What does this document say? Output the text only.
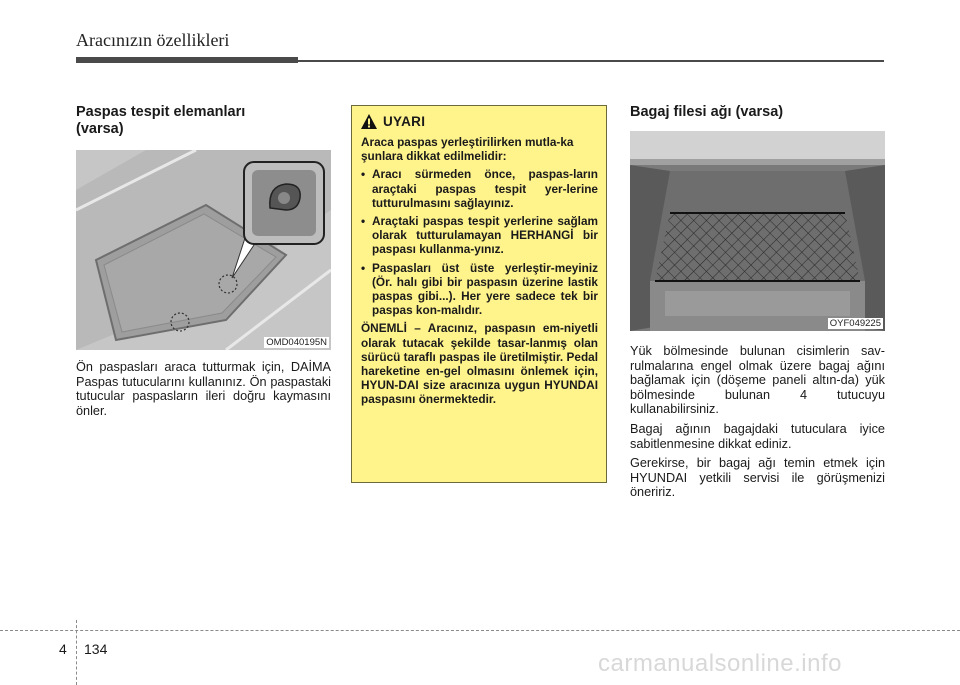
Aracınızın özellikleri
Paspas tespit elemanları
(varsa)
OMD040195N

Ön paspasları araca tutturmak için, DAİMA Paspas tutucularını kullanınız. Ön paspastaki tutucular paspasların ileri doğru kaymasını önler.

UYARI

Araca paspas yerleştirilirken mutla-ka şunlara dikkat edilmelidir:

• Aracı sürmeden önce, paspas-ların araçtaki paspas tespit yer-lerine tutturulmasını sağlayınız.
• Araçtaki paspas tespit yerlerine sağlam olarak tutturulamayan HERHANGİ bir paspası kullanma-yınız.
• Paspasları üst üste yerleştir-meyiniz (Ör. halı gibi bir paspasın üzerine lastik paspas gibi...). Her yere sadece tek bir paspas kon-malıdır.

ÖNEMLİ – Aracınız, paspasın em-niyetli olarak tutacak şekilde tasar-lanmış olan sürücü taraflı paspas ile üretilmiştir. Pedal hareketine en-gel olmasını önlemek için, HYUN-DAI size aracınıza uygun HYUNDAI paspasını önermektedir.

Bagaj filesi ağı (varsa)
OYF049225

Yük bölmesinde bulunan cisimlerin sav-rulmalarına engel olmak üzere bagaj ağını bağlamak için (döşeme paneli altın-da) yük bölmesinde bulunan 4 tutucuyu kullanabilirsiniz.

Bagaj ağının bagajdaki tutuculara iyice sabitlenmesine dikkat ediniz.

Gerekirse, bir bagaj ağı temin etmek için HYUNDAI yetkili servisi ile görüşmenizi öneririz.

4 134
carmanualsonline.info
